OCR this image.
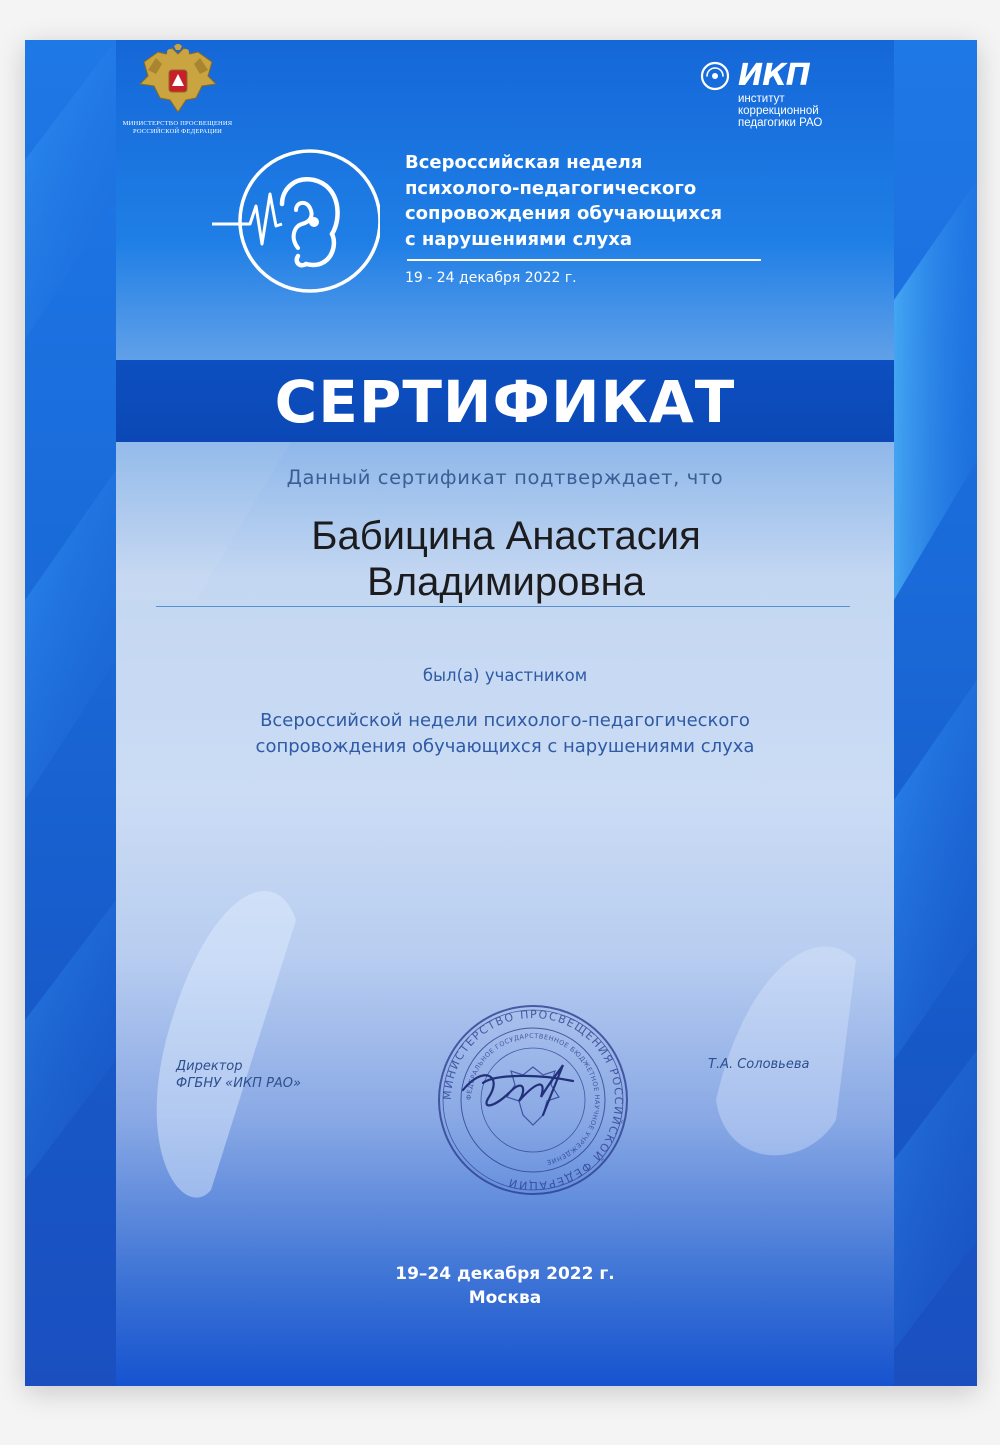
МИНИСТЕРСТВО ПРОСВЕЩЕНИЯ
РОССИЙСКОЙ ФЕДЕРАЦИИ
ИКП
институт
коррекционной
педагогики РАО
Всероссийская неделя
психолого-педагогического
сопровождения обучающихся
с нарушениями слуха
19 - 24 декабря 2022 г.
СЕРТИФИКАТ
Данный сертификат подтверждает, что
Бабицина Анастасия
Владимировна
был(а) участником
Всероссийской недели психолого-педагогического
сопровождения обучающихся с нарушениями слуха
Директор
ФГБНУ «ИКП РАО»
МИНИСТЕРСТВО ПРОСВЕЩЕНИЯ РОССИЙСКОЙ ФЕДЕРАЦИИ
ФЕДЕРАЛЬНОЕ ГОСУДАРСТВЕННОЕ БЮДЖЕТНОЕ НАУЧНОЕ УЧРЕЖДЕНИЕ
Т.А. Соловьева
19–24 декабря 2022 г.
Москва
